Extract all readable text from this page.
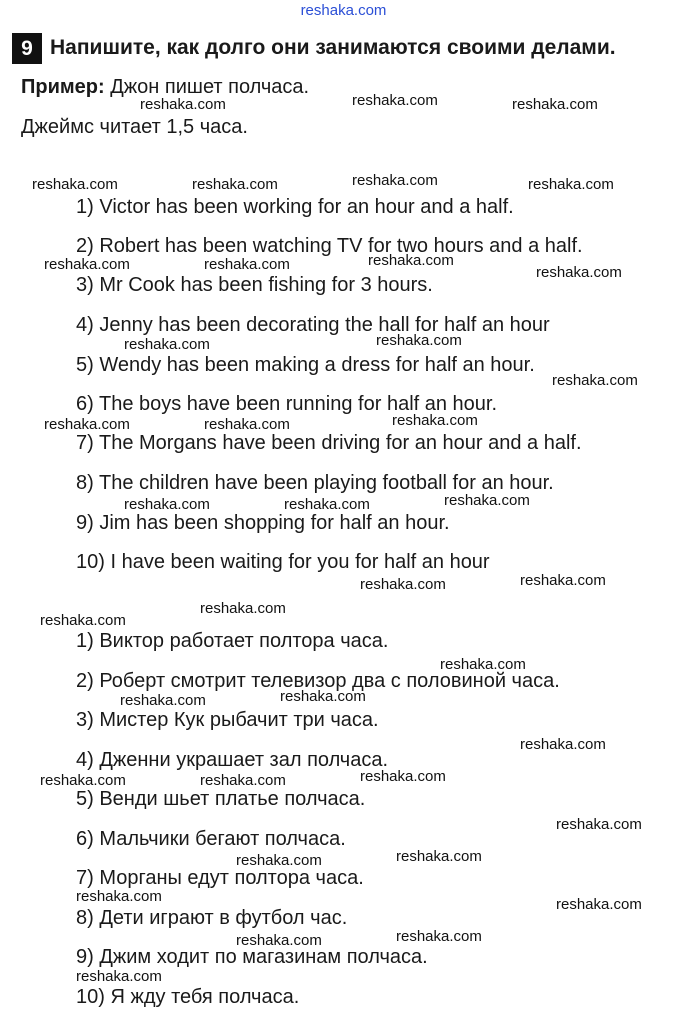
reshaka.com
9 Напишите, как долго они занимаются своими делами.
Пример: Джон пишет полчаса.
Джеймс читает 1,5 часа.
1) Victor has been working for an hour and a half.
2) Robert has been watching TV for two hours and a half.
3) Mr Cook has been fishing for 3 hours.
4) Jenny has been decorating the hall for half an hour
5) Wendy has been making a dress for half an hour.
6) The boys have been running for half an hour.
7) The Morgans have been driving for an hour and a half.
8) The children have been playing football for an hour.
9) Jim has been shopping for half an hour.
10) I have been waiting for you for half an hour
1) Виктор работает полтора часа.
2) Роберт смотрит телевизор два с половиной часа.
3) Мистер Кук рыбачит три часа.
4) Дженни украшает зал полчаса.
5) Венди шьет платье полчаса.
6) Мальчики бегают полчаса.
7) Морганы едут полтора часа.
8) Дети играют в футбол час.
9) Джим ходит по магазинам полчаса.
10) Я жду тебя полчаса.
reshaka.com	reshaka.com	reshaka.com
reshaka.com	reshaka.com	reshaka.com	reshaka.com
reshaka.com	reshaka.com	reshaka.com
reshaka.com
reshaka.com	reshaka.com
reshaka.com
reshaka.com	reshaka.com	reshaka.com
reshaka.com	reshaka.com	reshaka.com
reshaka.com	reshaka.com
reshaka.com
reshaka.com
reshaka.com
reshaka.com
reshaka.com
reshaka.com
reshaka.com
reshaka.com	reshaka.com
reshaka.com
reshaka.com
reshaka.com
reshaka.com	reshaka.com
reshaka.com
reshaka.com
reshaka.com
